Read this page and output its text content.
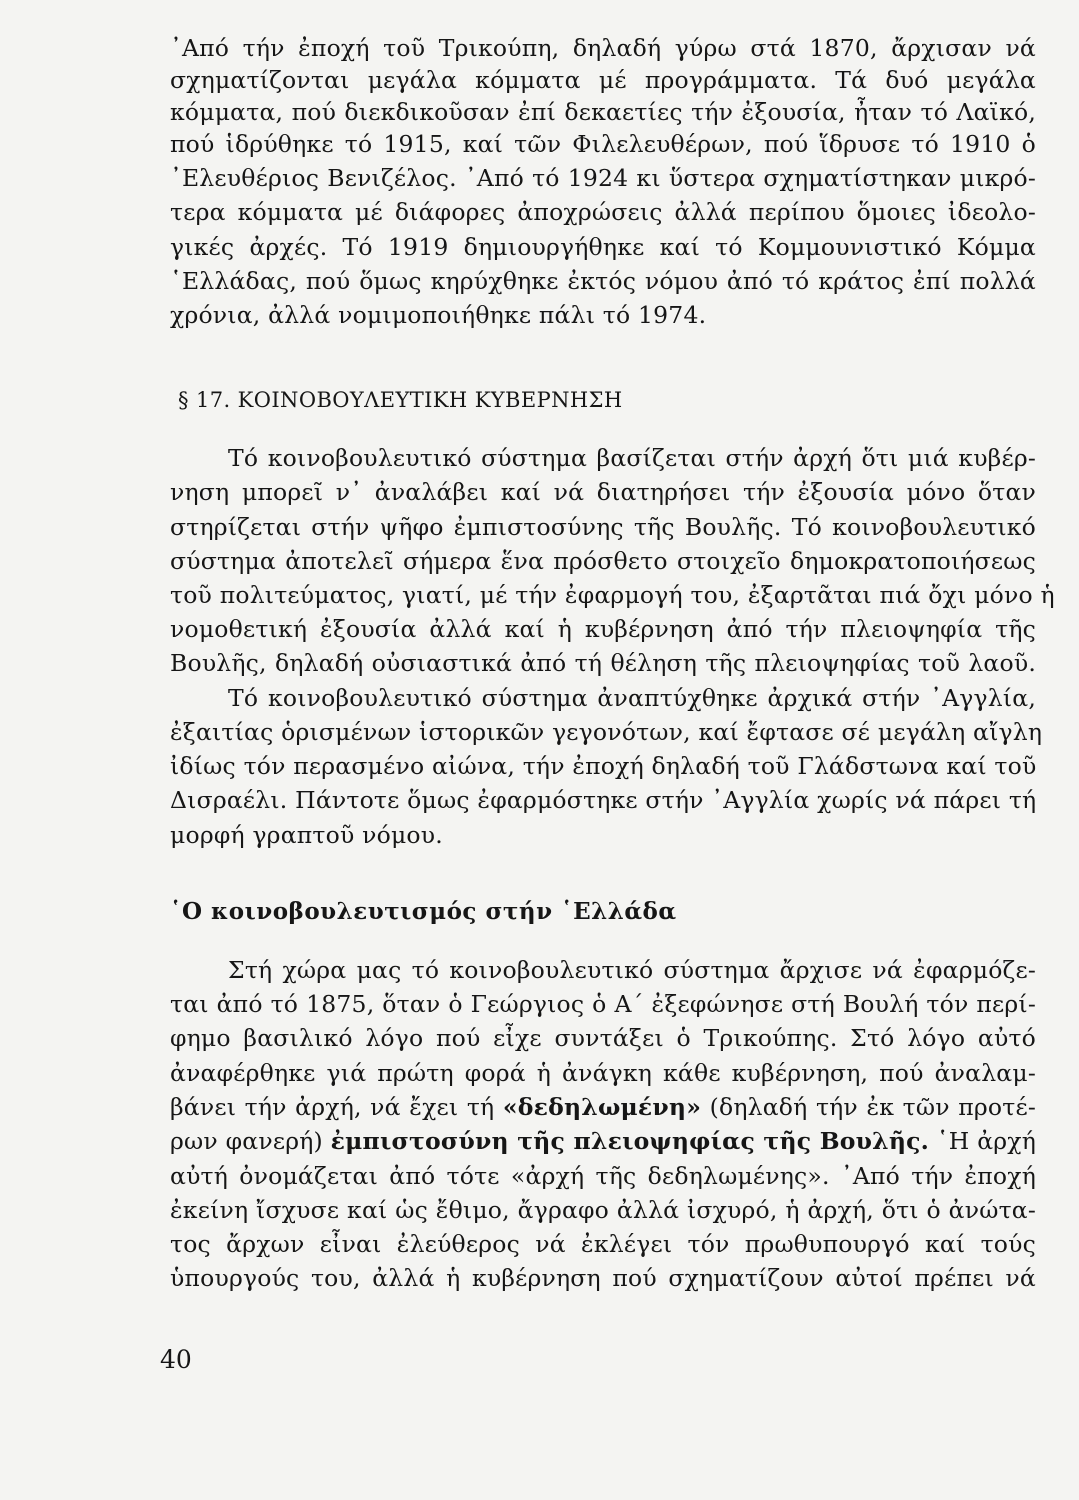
᾿Από τήν ἐποχή τοῦ Τρικούπη, δηλαδή γύρω στά 1870, ἄρχισαν νά
σχηματίζονται μεγάλα κόμματα μέ προγράμματα. Τά δυό μεγάλα
κόμματα, πού διεκδικοῦσαν ἐπί δεκαετίες τήν ἐξουσία, ἦταν τό Λαϊκό,
πού ἱδρύθηκε τό 1915, καί τῶν Φιλελευθέρων, πού ἵδρυσε τό 1910 ὁ
᾿Ελευθέριος Βενιζέλος. ᾿Από τό 1924 κι ὕστερα σχηματίστηκαν μικρό-
τερα κόμματα μέ διάφορες ἀποχρώσεις ἀλλά περίπου ὅμοιες ἰδεολο-
γικές ἀρχές. Τό 1919 δημιουργήθηκε καί τό Κομμουνιστικό Κόμμα
῾Ελλάδας, πού ὅμως κηρύχθηκε ἐκτός νόμου ἀπό τό κράτος ἐπί πολλά
χρόνια, ἀλλά νομιμοποιήθηκε πάλι τό 1974.
§ 17. ΚΟΙΝΟΒΟΥΛΕΥΤΙΚΗ ΚΥΒΕΡΝΗΣΗ
Τό κοινοβουλευτικό σύστημα βασίζεται στήν ἀρχή ὅτι μιά κυβέρ-
νηση μπορεῖ ν᾿ ἀναλάβει καί νά διατηρήσει τήν ἐξουσία μόνο ὅταν
στηρίζεται στήν ψῆφο ἐμπιστοσύνης τῆς Βουλῆς. Τό κοινοβουλευτικό
σύστημα ἀποτελεῖ σήμερα ἕνα πρόσθετο στοιχεῖο δημοκρατοποιήσεως
τοῦ πολιτεύματος, γιατί, μέ τήν ἐφαρμογή του, ἐξαρτᾶται πιά ὄχι μόνο ἡ
νομοθετική ἐξουσία ἀλλά καί ἡ κυβέρνηση ἀπό τήν πλειοψηφία τῆς
Βουλῆς, δηλαδή οὐσιαστικά ἀπό τή θέληση τῆς πλειοψηφίας τοῦ λαοῦ.
Τό κοινοβουλευτικό σύστημα ἀναπτύχθηκε ἀρχικά στήν ᾿Αγγλία,
ἐξαιτίας ὁρισμένων ἱστορικῶν γεγονότων, καί ἔφτασε σέ μεγάλη αἴγλη
ἰδίως τόν περασμένο αἰώνα, τήν ἐποχή δηλαδή τοῦ Γλάδστωνα καί τοῦ
Δισραέλι. Πάντοτε ὅμως ἐφαρμόστηκε στήν ᾿Αγγλία χωρίς νά πάρει τή
μορφή γραπτοῦ νόμου.
῾Ο κοινοβουλευτισμός στήν ῾Ελλάδα
Στή χώρα μας τό κοινοβουλευτικό σύστημα ἄρχισε νά ἐφαρμόζε-
ται ἀπό τό 1875, ὅταν ὁ Γεώργιος ὁ Α΄ ἐξεφώνησε στή Βουλή τόν περί-
φημο βασιλικό λόγο πού εἶχε συντάξει ὁ Τρικούπης. Στό λόγο αὐτό
ἀναφέρθηκε γιά πρώτη φορά ἡ ἀνάγκη κάθε κυβέρνηση, πού ἀναλαμ-
βάνει τήν ἀρχή, νά ἔχει τή «δεδηλωμένη» (δηλαδή τήν ἐκ τῶν προτέ-
ρων φανερή) ἐμπιστοσύνη τῆς πλειοψηφίας τῆς Βουλῆς. ῾Η ἀρχή
αὐτή ὀνομάζεται ἀπό τότε «ἀρχή τῆς δεδηλωμένης». ᾿Από τήν ἐποχή
ἐκείνη ἴσχυσε καί ὡς ἔθιμο, ἄγραφο ἀλλά ἰσχυρό, ἡ ἀρχή, ὅτι ὁ ἀνώτα-
τος ἄρχων εἶναι ἐλεύθερος νά ἐκλέγει τόν πρωθυπουργό καί τούς
ὑπουργούς του, ἀλλά ἡ κυβέρνηση πού σχηματίζουν αὐτοί πρέπει νά
40
